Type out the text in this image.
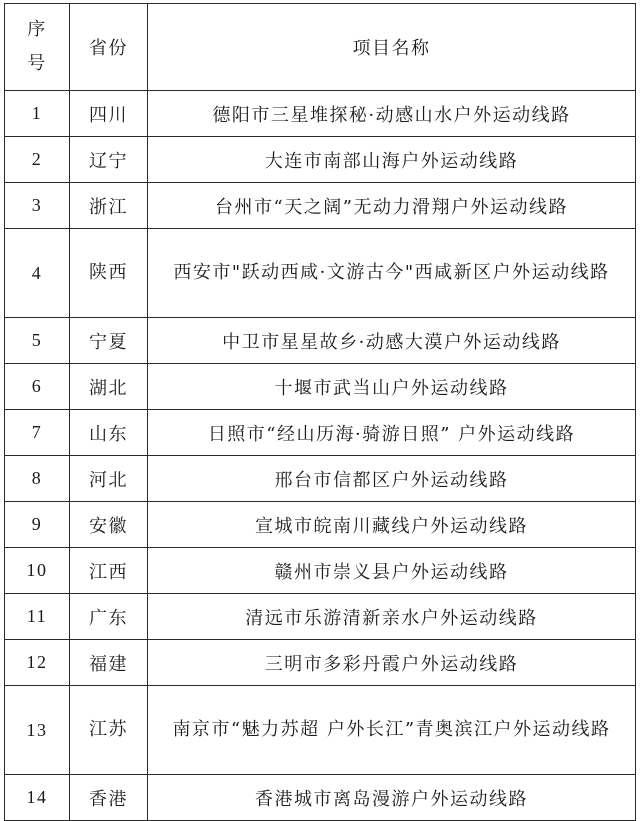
序
号	省份	项目名称
1	四川	德阳市三星堆探秘·动感山水户外运动线路
2	辽宁	大连市南部山海户外运动线路
3	浙江	台州市“天之阔”无动力滑翔户外运动线路
4	陕西	西安市"跃动西咸·文游古今"西咸新区户外运动线路
5	宁夏	中卫市星星故乡·动感大漠户外运动线路
6	湖北	十堰市武当山户外运动线路
7	山东	日照市“经山历海·骑游日照” 户外运动线路
8	河北	邢台市信都区户外运动线路
9	安徽	宣城市皖南川藏线户外运动线路
10	江西	赣州市崇义县户外运动线路
11	广东	清远市乐游清新亲水户外运动线路
12	福建	三明市多彩丹霞户外运动线路
13	江苏	南京市“魅力苏超 户外长江”青奥滨江户外运动线路
14	香港	香港城市离岛漫游户外运动线路
